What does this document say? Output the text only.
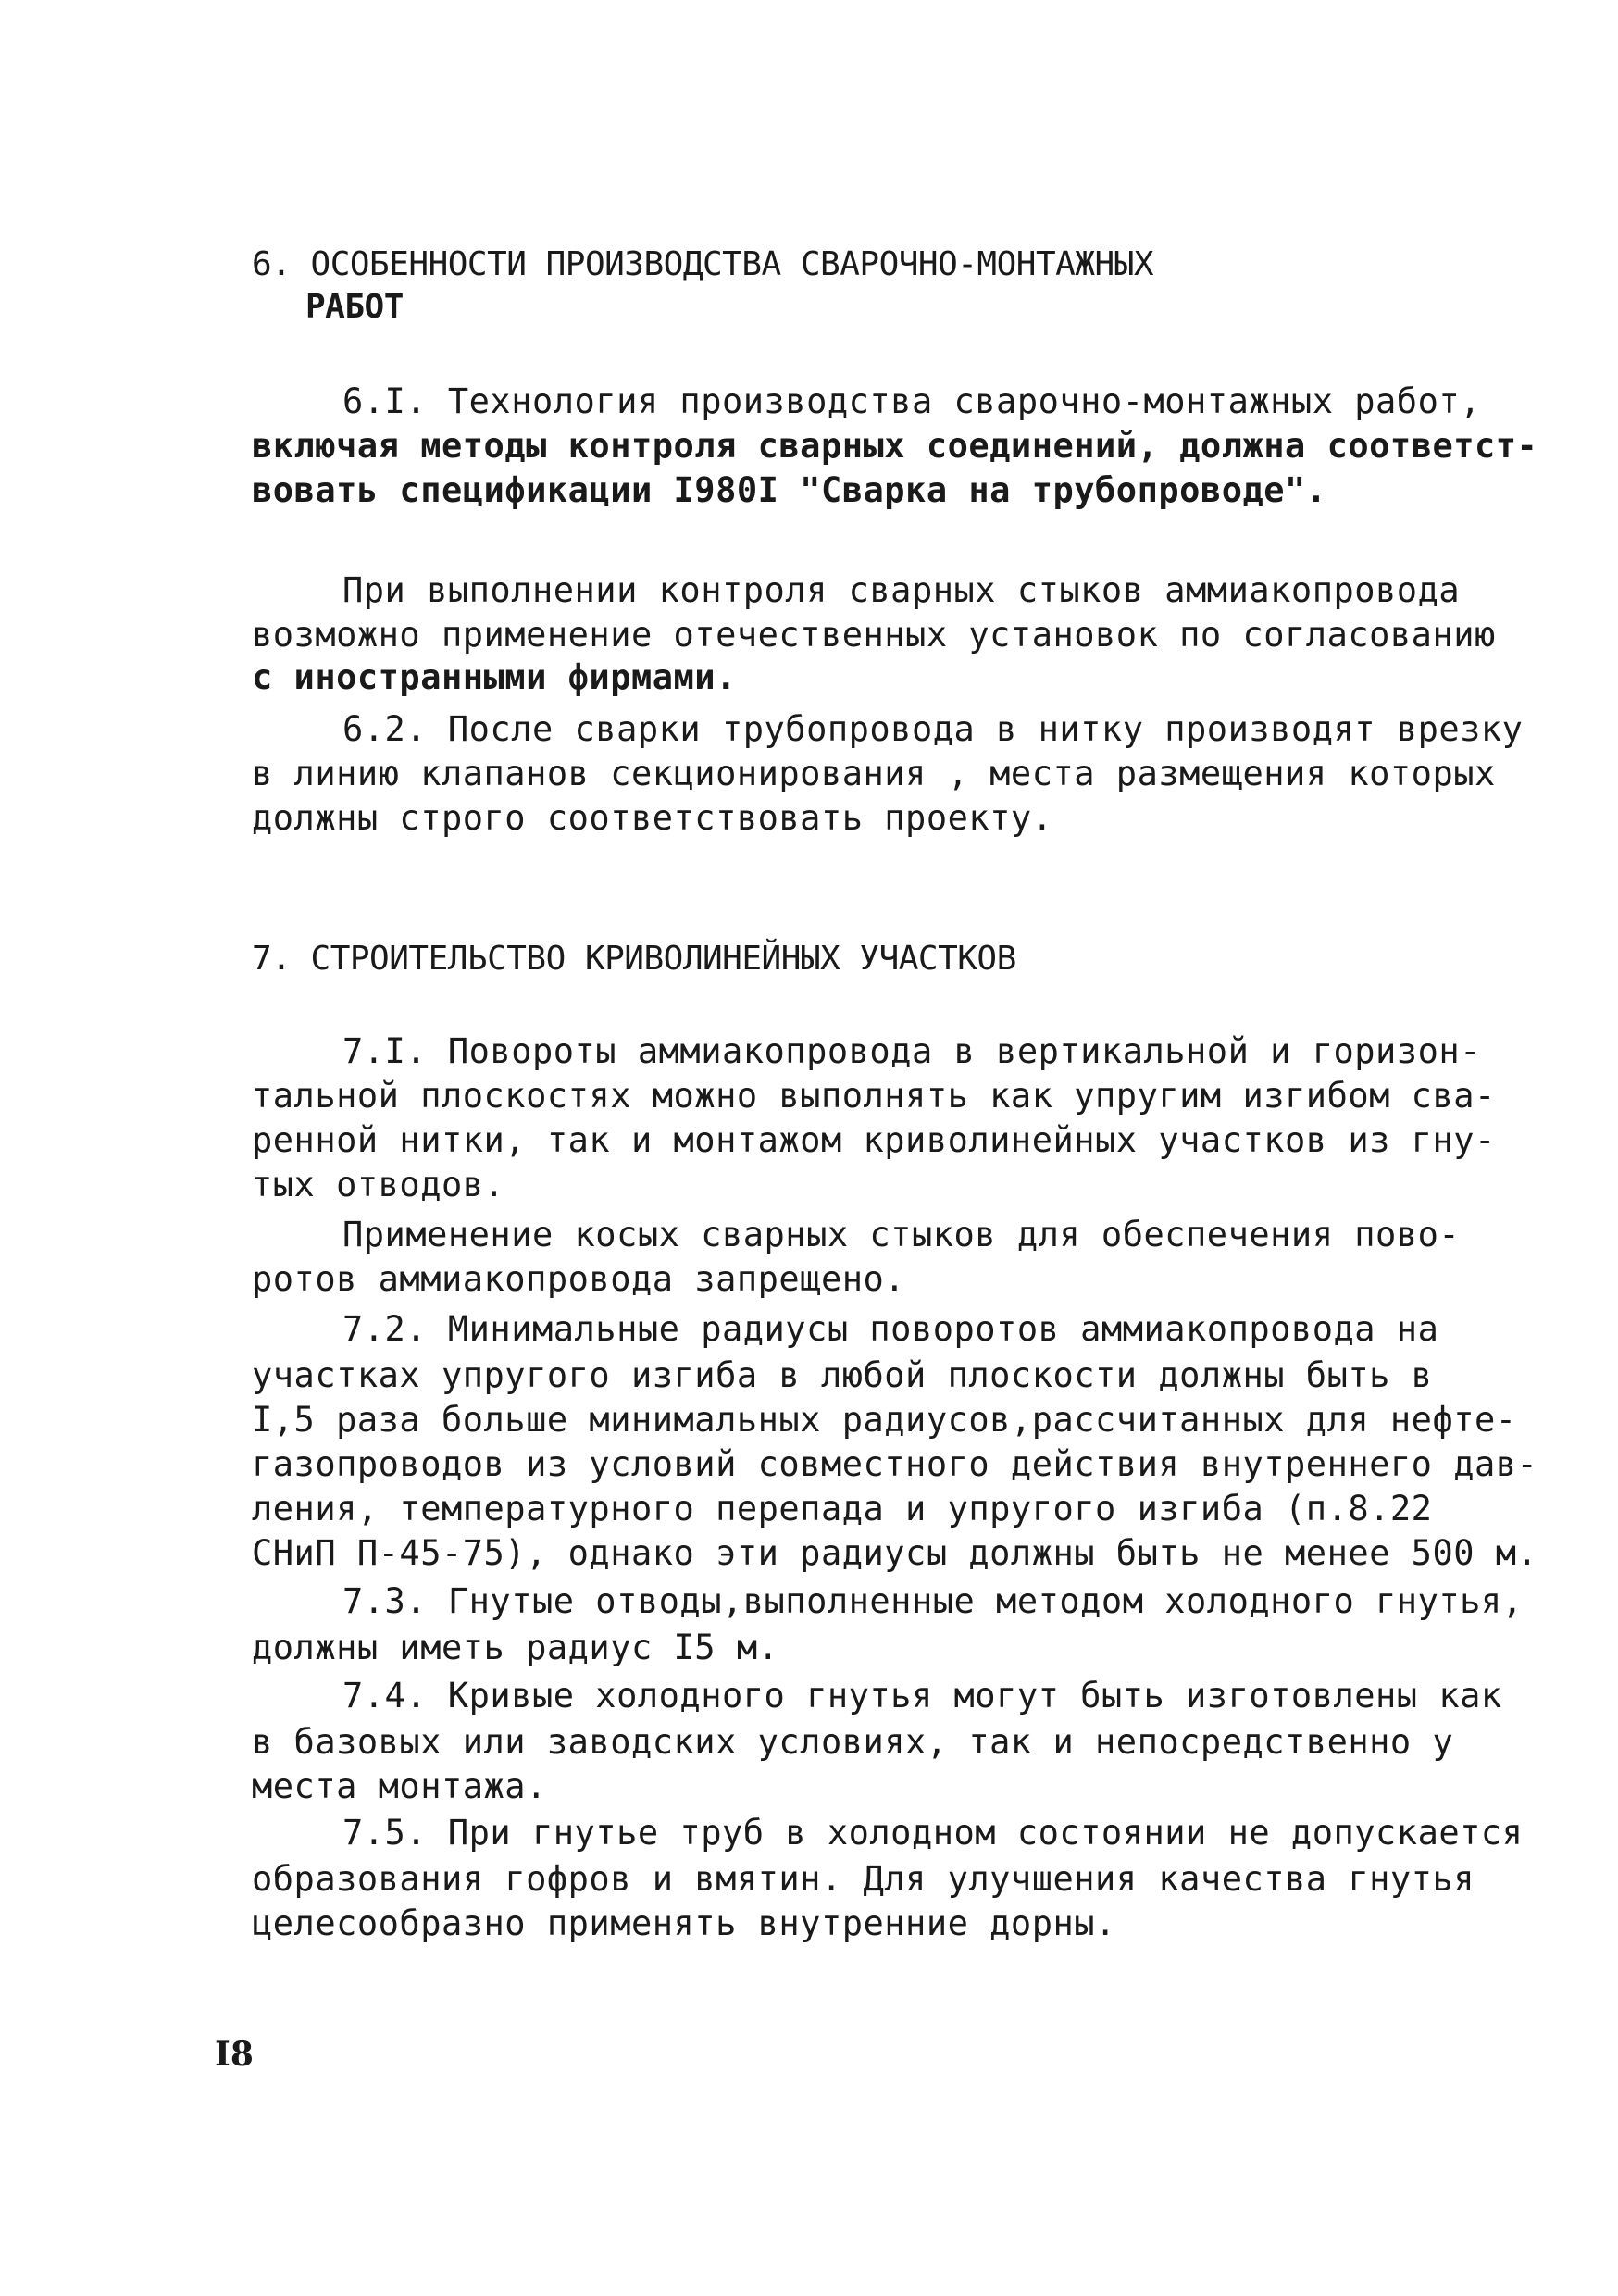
6. ОСОБЕННОСТИ ПРОИЗВОДСТВА СВАРОЧНО-МОНТАЖНЫХ
РАБОТ
6.I. Технология производства сварочно-монтажных работ,
включая методы контроля сварных соединений, должна соответст-
вовать спецификации I980I "Сварка на трубопроводе".
При выполнении контроля сварных стыков аммиакопровода
возможно применение отечественных установок по согласованию
с иностранными фирмами.
6.2. После сварки трубопровода в нитку производят врезку
в линию клапанов секционирования , места размещения которых
должны строго соответствовать проекту.
7. СТРОИТЕЛЬСТВО КРИВОЛИНЕЙНЫХ УЧАСТКОВ
7.I. Повороты аммиакопровода в вертикальной и горизон-
тальной плоскостях можно выполнять как упругим изгибом сва-
ренной нитки, так и монтажом криволинейных участков из гну-
тых отводов.
Применение косых сварных стыков для обеспечения пово-
ротов аммиакопровода запрещено.
7.2. Минимальные радиусы поворотов аммиакопровода на
участках упругого изгиба в любой плоскости должны быть в
I,5 раза больше минимальных радиусов,рассчитанных для нефте-
газопроводов из условий совместного действия внутреннего дав-
ления, температурного перепада и упругого изгиба (п.8.22
СНиП П-45-75), однако эти радиусы должны быть не менее 500 м.
7.3. Гнутые отводы,выполненные методом холодного гнутья,
должны иметь радиус I5 м.
7.4. Кривые холодного гнутья могут быть изготовлены как
в базовых или заводских условиях, так и непосредственно у
места монтажа.
7.5. При гнутье труб в холодном состоянии не допускается
образования гофров и вмятин. Для улучшения качества гнутья
целесообразно применять внутренние дорны.
I8
